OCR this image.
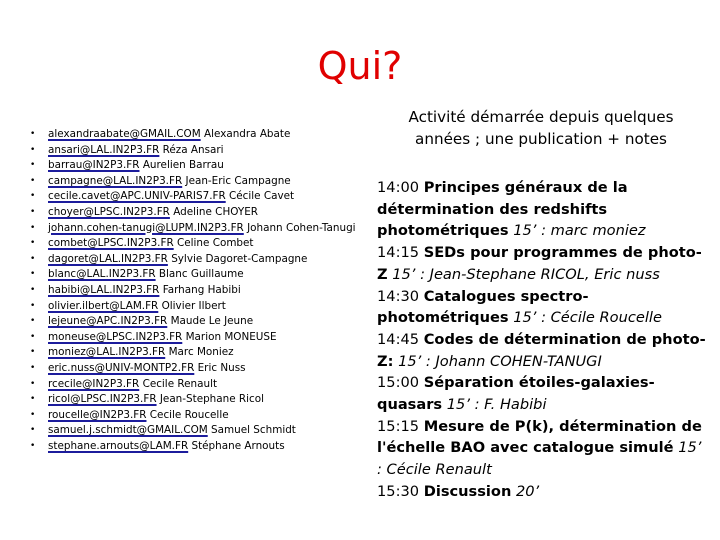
Qui?
•	alexandraabate@GMAIL.COM Alexandra Abate
•	ansari@LAL.IN2P3.FR Réza Ansari
•	barrau@IN2P3.FR Aurelien Barrau
•	campagne@LAL.IN2P3.FR Jean-Eric Campagne
•	cecile.cavet@APC.UNIV-PARIS7.FR Cécile Cavet
•	choyer@LPSC.IN2P3.FR Adeline CHOYER
•	johann.cohen-tanugi@LUPM.IN2P3.FR Johann Cohen-Tanugi
•	combet@LPSC.IN2P3.FR Celine Combet
•	dagoret@LAL.IN2P3.FR Sylvie Dagoret-Campagne
•	blanc@LAL.IN2P3.FR Blanc Guillaume
•	habibi@LAL.IN2P3.FR Farhang Habibi
•	olivier.ilbert@LAM.FR Olivier Ilbert
•	lejeune@APC.IN2P3.FR Maude Le Jeune
•	moneuse@LPSC.IN2P3.FR Marion MONEUSE
•	moniez@LAL.IN2P3.FR Marc Moniez
•	eric.nuss@UNIV-MONTP2.FR Eric Nuss
•	rcecile@IN2P3.FR Cecile Renault
•	ricol@LPSC.IN2P3.FR Jean-Stephane Ricol
•	roucelle@IN2P3.FR Cecile Roucelle
•	samuel.j.schmidt@GMAIL.COM Samuel Schmidt
•	stephane.arnouts@LAM.FR Stéphane Arnouts
Activité démarrée depuis quelques années ; une publication + notes
14:00 Principes généraux de la détermination des redshifts photométriques 15’ : marc moniez
14:15 SEDs pour programmes de photo-Z 15’ : Jean-Stephane RICOL, Eric nuss
14:30 Catalogues spectro-photométriques 15’ : Cécile Roucelle
14:45 Codes de détermination de photo-Z: 15’ : Johann COHEN-TANUGI
15:00 Séparation étoiles-galaxies-quasars 15’ : F. Habibi
15:15 Mesure de P(k), détermination de l'échelle BAO avec catalogue simulé 15’ : Cécile Renault
15:30 Discussion 20’
